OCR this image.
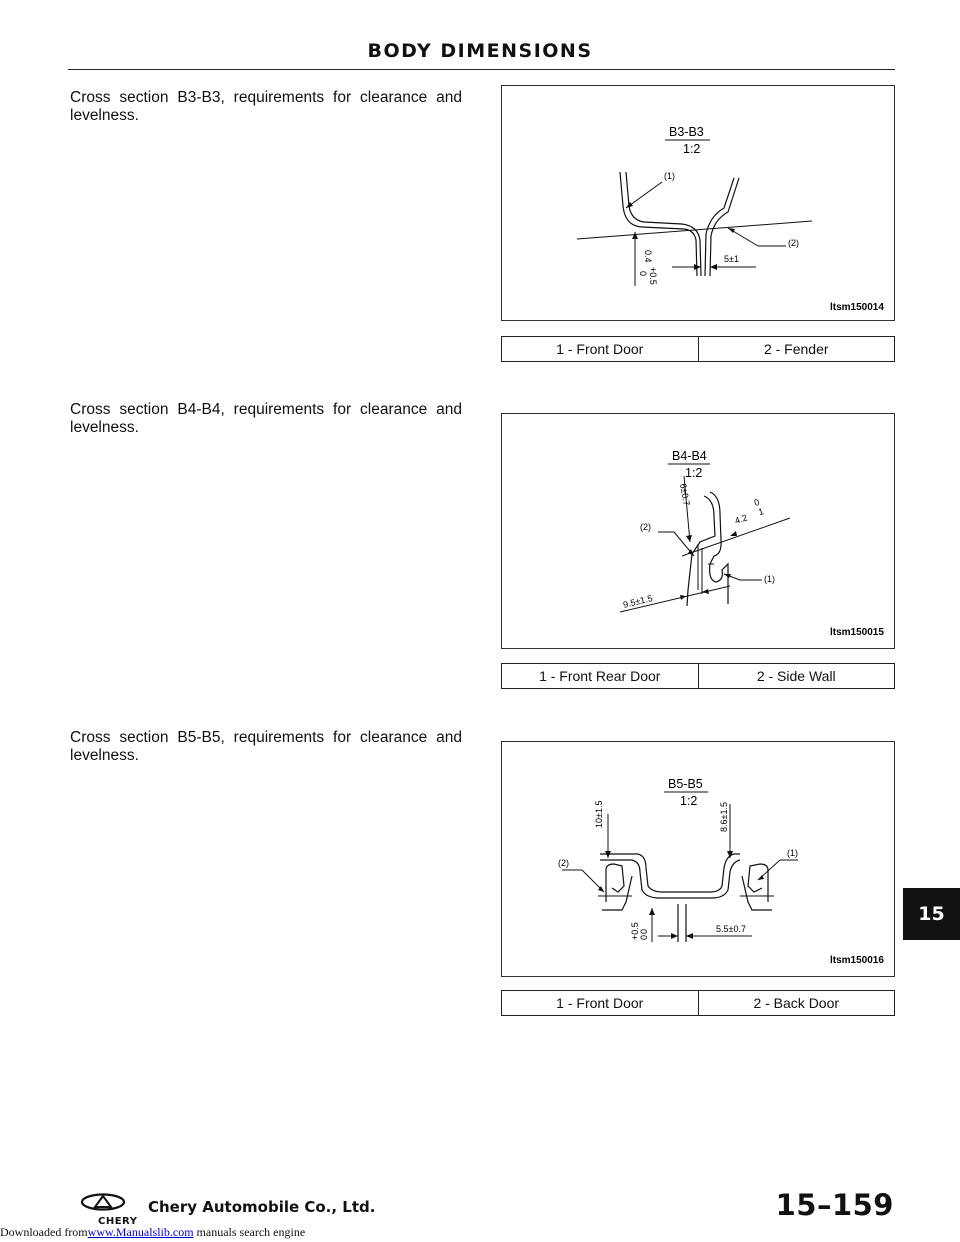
BODY DIMENSIONS
Cross section B3-B3, requirements for clearance and
levelness.
B3-B3
1:2
(1)
(2)
0.4
+0.5
0
5±1
ltsm150014
1 - Front Door	2 - Fender
Cross section B4-B4, requirements for clearance and
levelness.
B4-B4
1:2
6±0.7
4.2
0
1
(2)
(1)
9.5±1.5
ltsm150015
1 - Front Rear Door	2 - Side Wall
Cross section B5-B5, requirements for clearance and
levelness.
B5-B5
1:2
10±1.5	8.6±1.5
(2)
(1)
+0.5 0
0
5.5±0.7
ltsm150016
1 - Front Door	2 - Back Door
15
CHERY
Chery Automobile Co., Ltd.	15–159
Downloaded fromwww.Manualslib.com manuals search engine
